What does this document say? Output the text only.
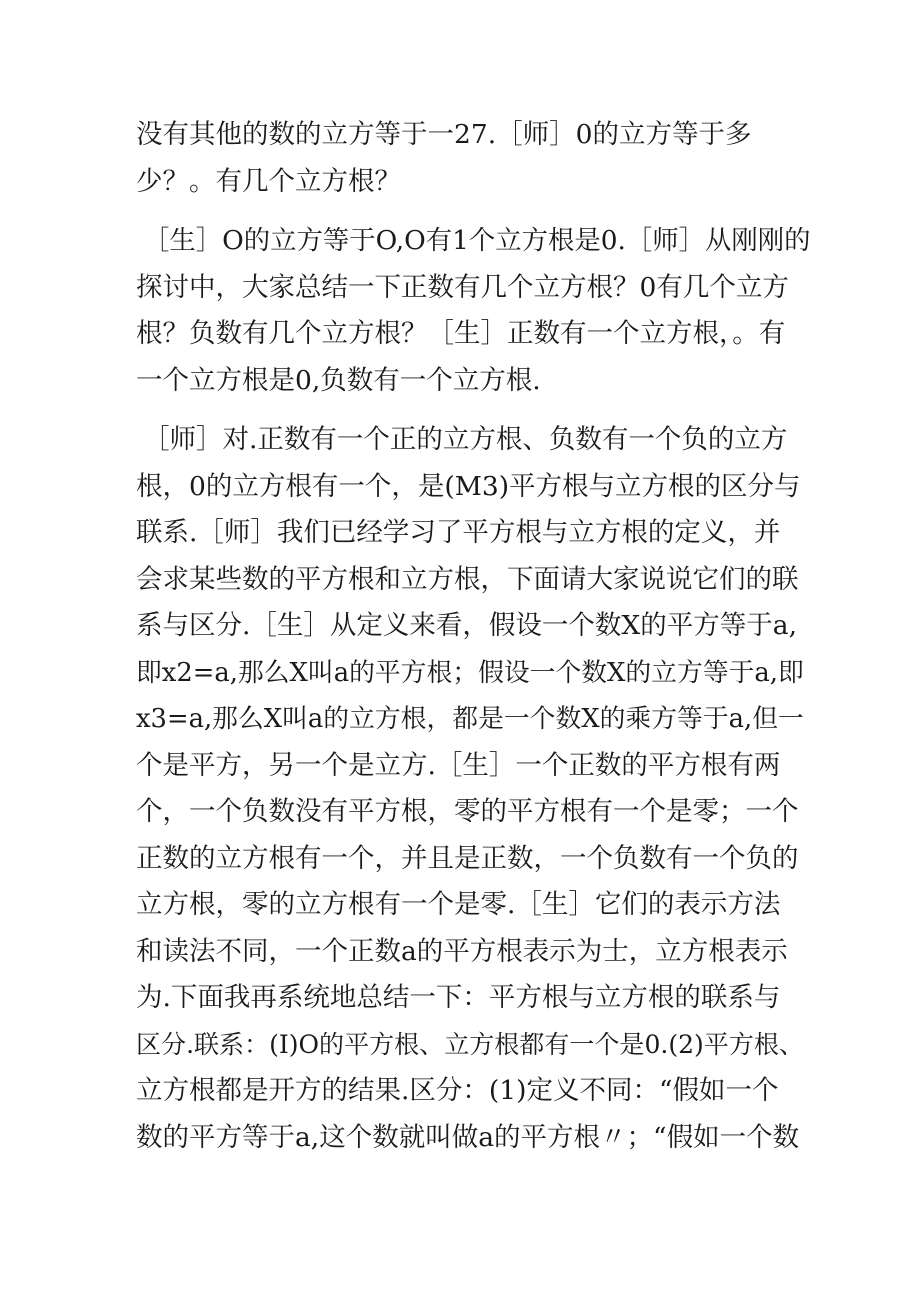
没有其他的数的立方等于一27.［师］0的立方等于多
少？。有几个立方根？
［生］O的立方等于O,O有1个立方根是0.［师］从刚刚的
探讨中，大家总结一下正数有几个立方根？0有几个立方
根？负数有几个立方根？［生］正数有一个立方根，。有
一个立方根是0,负数有一个立方根.
［师］对.正数有一个正的立方根、负数有一个负的立方
根，0的立方根有一个，是(M3)平方根与立方根的区分与
联系.［师］我们已经学习了平方根与立方根的定义，并
会求某些数的平方根和立方根，下面请大家说说它们的联
系与区分.［生］从定义来看，假设一个数X的平方等于a,
即x2=a,那么X叫a的平方根；假设一个数X的立方等于a,即
x3=a,那么X叫a的立方根，都是一个数X的乘方等于a,但一
个是平方，另一个是立方.［生］一个正数的平方根有两
个，一个负数没有平方根，零的平方根有一个是零；一个
正数的立方根有一个，并且是正数，一个负数有一个负的
立方根，零的立方根有一个是零.［生］它们的表示方法
和读法不同，一个正数a的平方根表示为士，立方根表示
为.下面我再系统地总结一下：平方根与立方根的联系与
区分.联系：(I)O的平方根、立方根都有一个是0.(2)平方根、
立方根都是开方的结果.区分：(1)定义不同：“假如一个
数的平方等于a,这个数就叫做a的平方根〃；“假如一个数
